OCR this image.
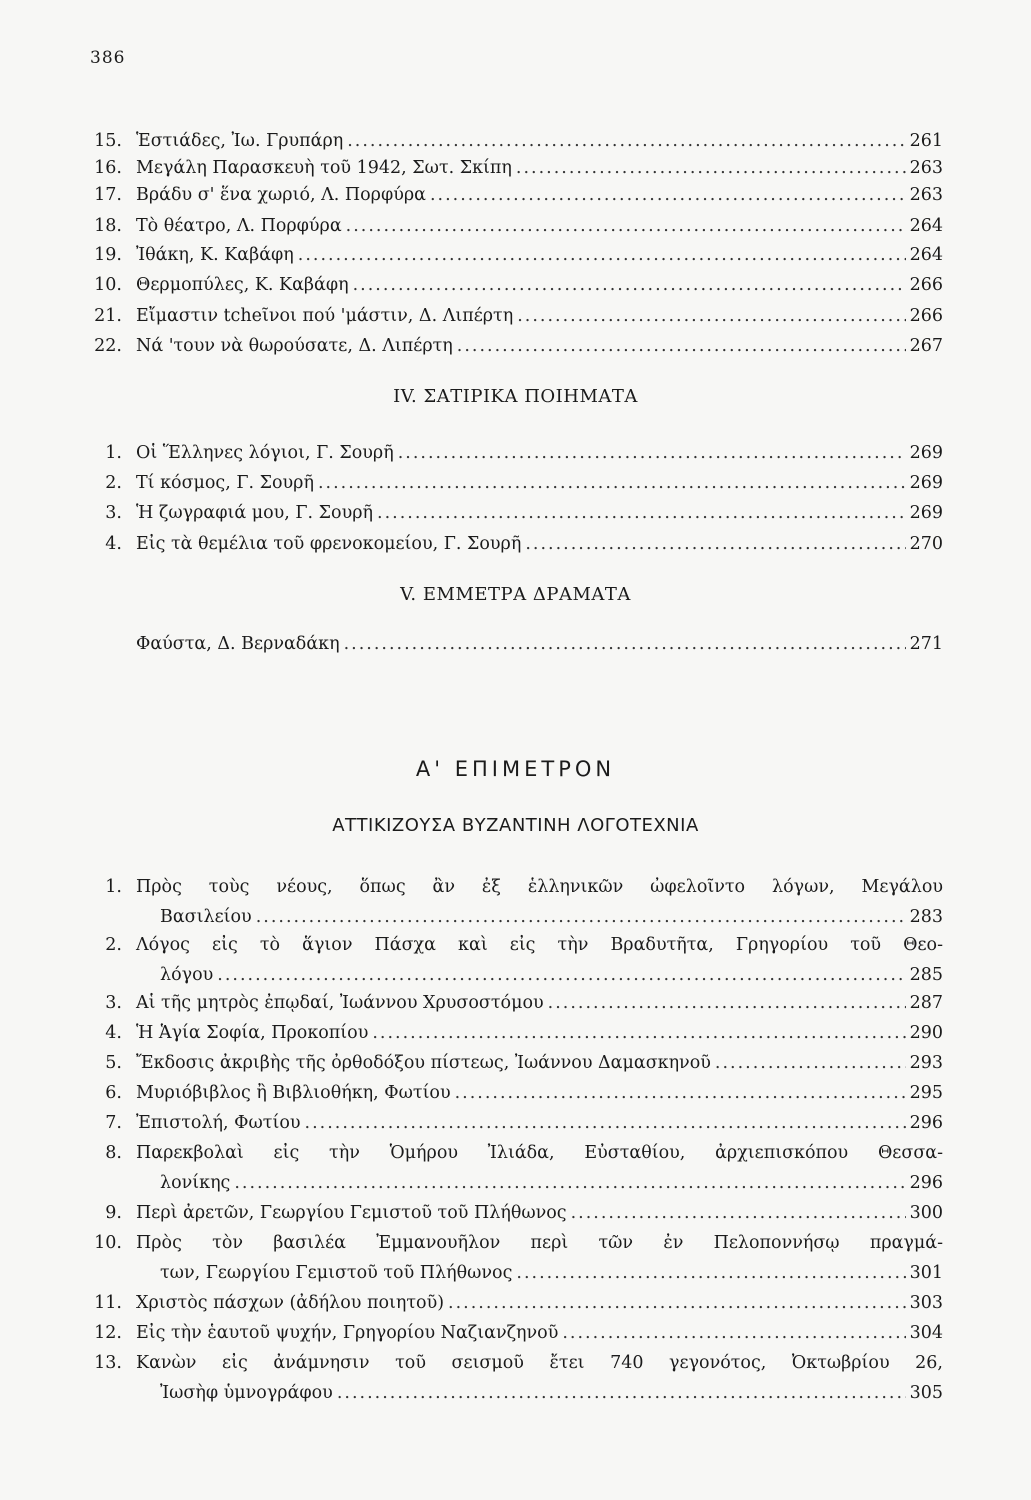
386
15. Ἑστιάδες, Ἰω. Γρυπάρη .....	261
16. Μεγάλη Παρασκευὴ τοῦ 1942, Σωτ. Σκίπη .....	263
17. Βράδυ σ' ἕνα χωριό, Λ. Πορφύρα .....	263
18. Τὸ θέατρο, Λ. Πορφύρα .....	264
19. Ἰθάκη, Κ. Καβάφη .....	264
10. Θερμοπύλες, Κ. Καβάφη .....	266
21. Εἴμαστιν tcheῖνοι πού 'μάστιν, Δ. Λιπέρτη .....	266
22. Νά 'τουν νὰ θωρούσατε, Δ. Λιπέρτη .....	267
IV. ΣΑΤΙΡΙΚΑ ΠΟΙΗΜΑΤΑ
1. Οἱ Ἕλληνες λόγιοι, Γ. Σουρῆ .....	269
2. Τί κόσμος, Γ. Σουρῆ .....	269
3. Ἡ ζωγραφιά μου, Γ. Σουρῆ .....	269
4. Εἰς τὰ θεμέλια τοῦ φρενοκομείου, Γ. Σουρῆ .....	270
V. ΕΜΜΕΤΡΑ ΔΡΑΜΑΤΑ
Φαύστα, Δ. Βερναδάκη .....	271
Α' ΕΠΙΜΕΤΡΟΝ
ΑΤΤΙΚΙΖΟΥΣΑ ΒΥΖΑΝΤΙΝΗ ΛΟΓΟΤΕΧΝΙΑ
1. Πρὸς τοὺς νέους, ὅπως ἂν ἐξ ἑλληνικῶν ὠφελοῖντο λόγων, Μεγάλου
Βασιλείου .....	283
2. Λόγος εἰς τὸ ἅγιον Πάσχα καὶ εἰς τὴν Βραδυτῆτα, Γρηγορίου τοῦ Θεο-
λόγου .....	285
3. Αἱ τῆς μητρὸς ἐπῳδαί, Ἰωάννου Χρυσοστόμου .....	287
4. Ἡ Ἁγία Σοφία, Προκοπίου .....	290
5. Ἔκδοσις ἀκριβὴς τῆς ὀρθοδόξου πίστεως, Ἰωάννου Δαμασκηνοῦ .....	293
6. Μυριόβιβλος ἢ Βιβλιοθήκη, Φωτίου .....	295
7. Ἐπιστολή, Φωτίου .....	296
8. Παρεκβολαὶ εἰς τὴν Ὁμήρου Ἰλιάδα, Εὐσταθίου, ἀρχιεπισκόπου Θεσσα-
λονίκης .....	296
9. Περὶ ἀρετῶν, Γεωργίου Γεμιστοῦ τοῦ Πλήθωνος .....	300
10. Πρὸς τὸν βασιλέα Ἐμμανουῆλον περὶ τῶν ἐν Πελοποννήσῳ πραγμά-
των, Γεωργίου Γεμιστοῦ τοῦ Πλήθωνος .....	301
11. Χριστὸς πάσχων (ἀδήλου ποιητοῦ) .....	303
12. Εἰς τὴν ἑαυτοῦ ψυχήν, Γρηγορίου Ναζιανζηνοῦ .....	304
13. Κανὼν εἰς ἀνάμνησιν τοῦ σεισμοῦ ἔτει 740 γεγονότος, Ὀκτωβρίου 26,
Ἰωσὴφ ὑμνογράφου .....	305
